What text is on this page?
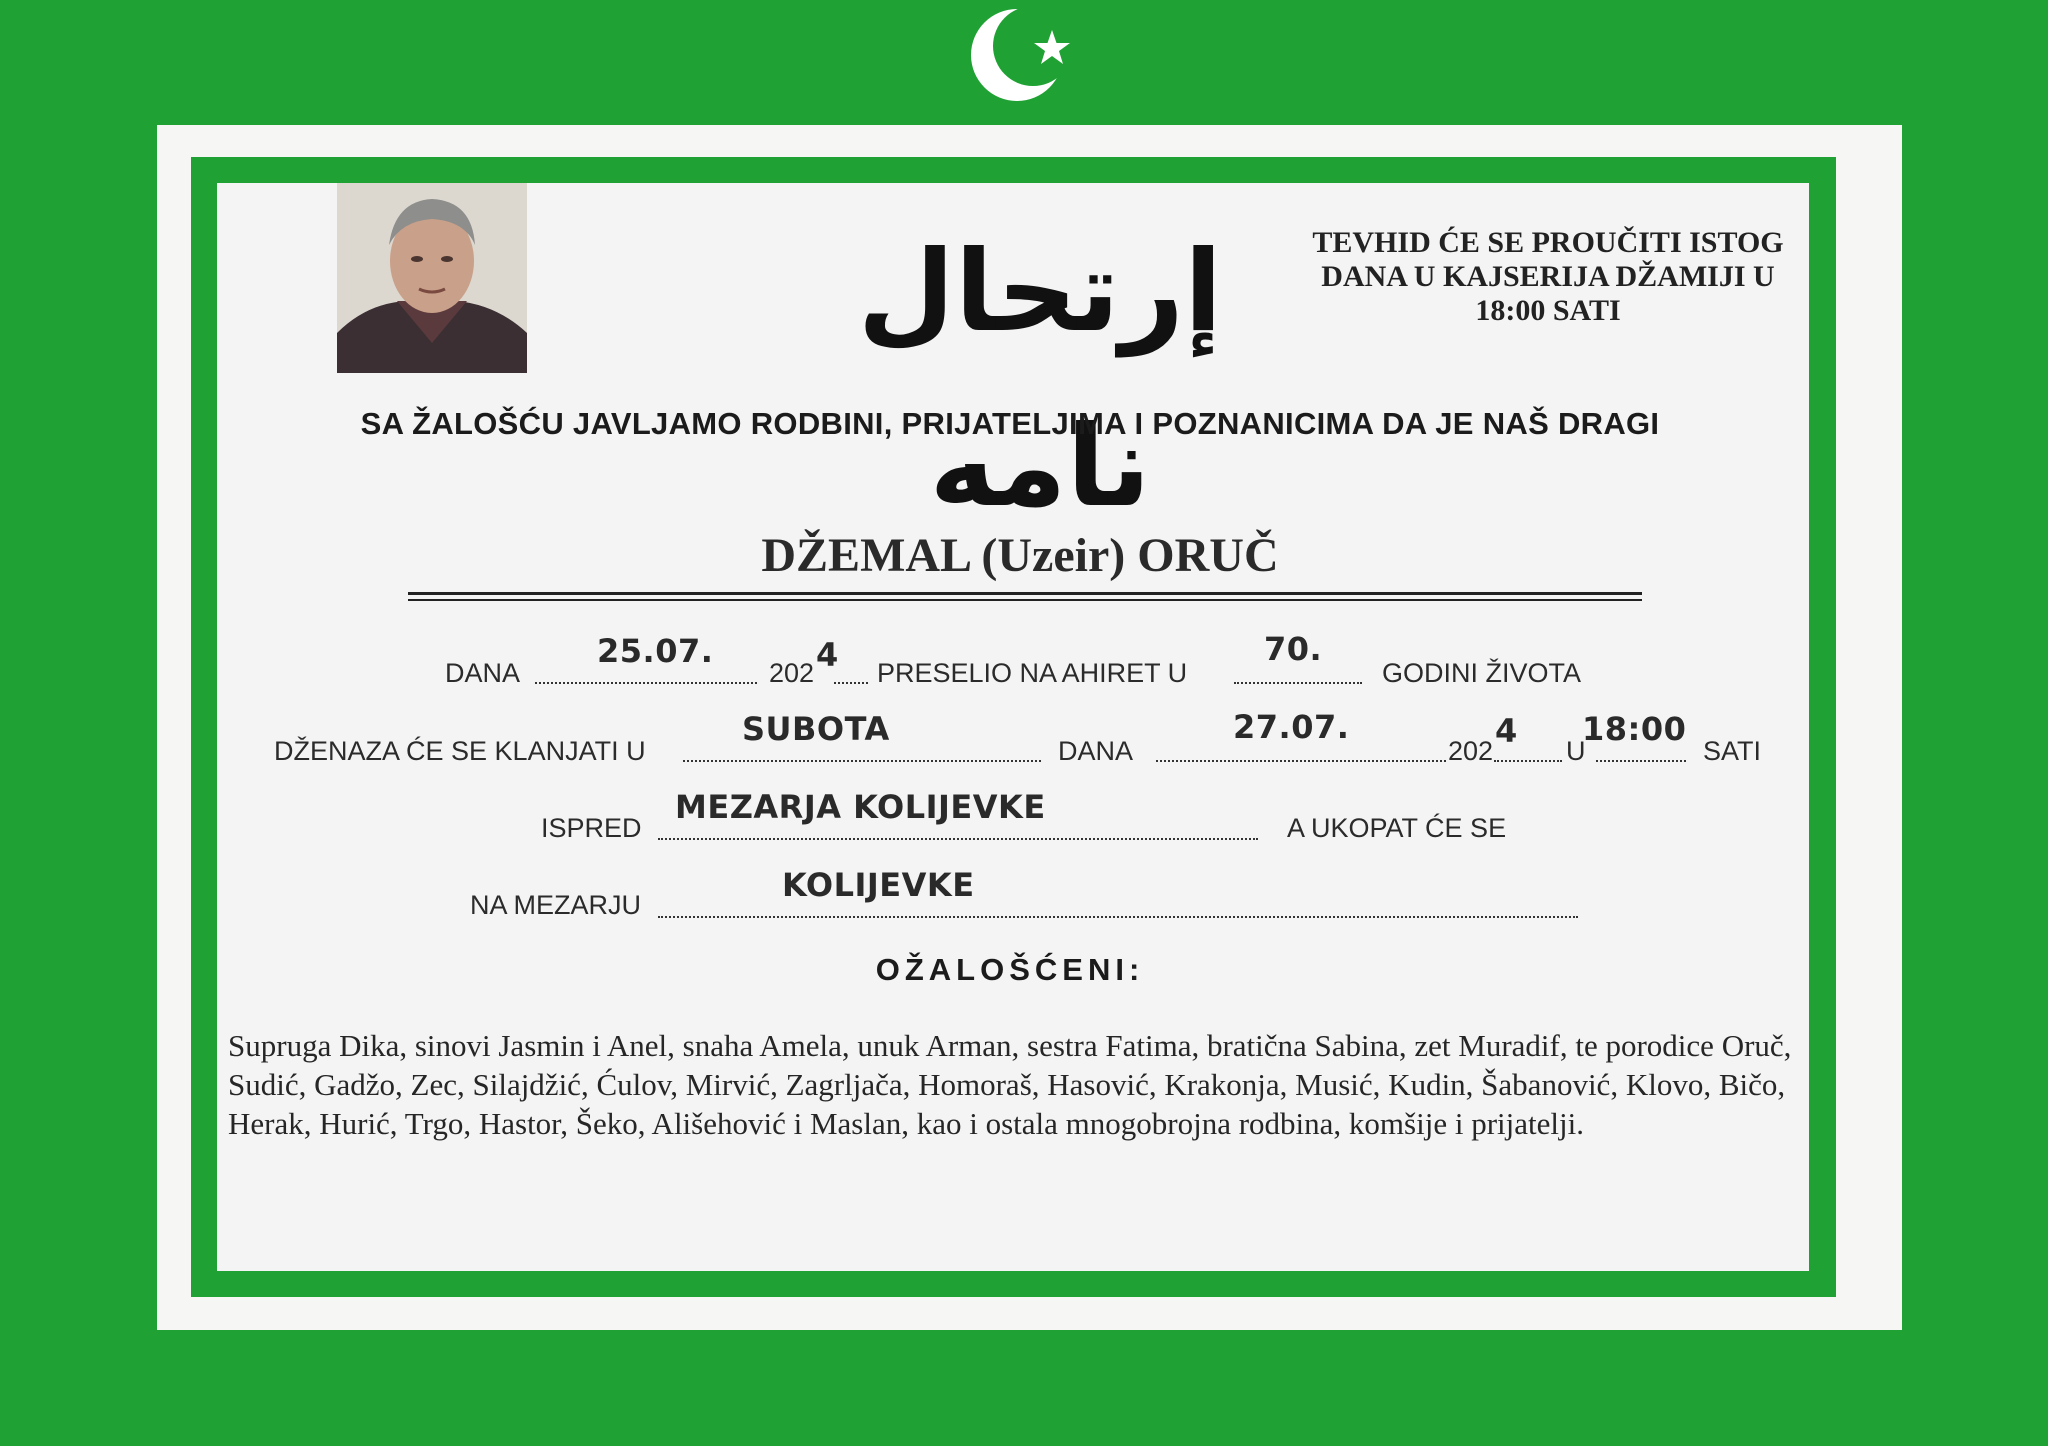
إرتحال نامه
TEVHID ĆE SE PROUČITI ISTOG
DANA U KAJSERIJA DŽAMIJI U
18:00 SATI
SA ŽALOŠĆU JAVLJAMO RODBINI, PRIJATELJIMA I POZNANICIMA DA JE NAŠ DRAGI
DŽEMAL (Uzeir) ORUČ
DANA
25.07.
202 4 PRESELIO NA AHIRET U
70.
GODINI ŽIVOTA
DŽENAZA ĆE SE KLANJATI U
SUBOTA
DANA
27.07.
202
4
U
18:00
SATI
ISPRED
MEZARJA KOLIJEVKE
A UKOPAT ĆE SE
NA MEZARJU
KOLIJEVKE
OŽALOŠĆENI:
Supruga Dika, sinovi Jasmin i Anel, snaha Amela, unuk Arman, sestra Fatima, bratična Sabina, zet Muradif, te porodice Oruč, Sudić, Gadžo, Zec, Silajdžić, Ćulov, Mirvić, Zagrljača, Homoraš, Hasović, Krakonja, Musić, Kudin, Šabanović, Klovo, Bičo, Herak, Hurić, Trgo, Hastor, Šeko, Ališehović i Maslan, kao i ostala mnogobrojna rodbina, komšije i prijatelji.
